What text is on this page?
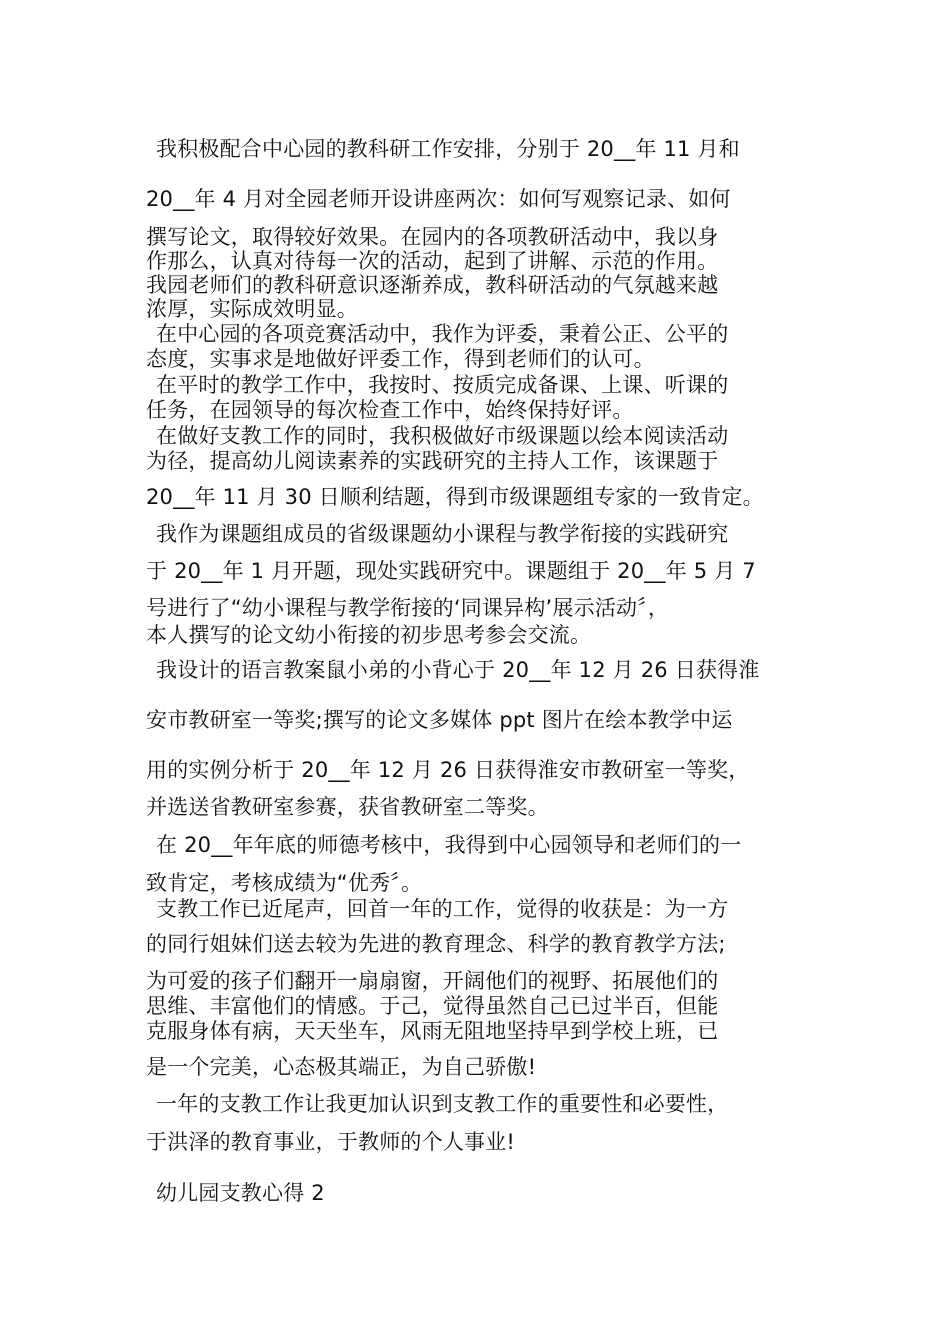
我积极配合中心园的教科研工作安排，分别于 20__年 11 月和
20__年 4 月对全园老师开设讲座两次：如何写观察记录、如何
撰写论文，取得较好效果。在园内的各项教研活动中，我以身
作那么，认真对待每一次的活动，起到了讲解、示范的作用。
我园老师们的教科研意识逐渐养成，教科研活动的气氛越来越
浓厚，实际成效明显。
在中心园的各项竞赛活动中，我作为评委，秉着公正、公平的
态度，实事求是地做好评委工作，得到老师们的认可。
在平时的教学工作中，我按时、按质完成备课、上课、听课的
任务，在园领导的每次检查工作中，始终保持好评。
在做好支教工作的同时，我积极做好市级课题以绘本阅读活动
为径，提高幼儿阅读素养的实践研究的主持人工作，该课题于
20__年 11 月 30 日顺利结题，得到市级课题组专家的一致肯定。
我作为课题组成员的省级课题幼小课程与教学衔接的实践研究
于 20__年 1 月开题，现处实践研究中。课题组于 20__年 5 月 7
号进行了“幼小课程与教学衔接的‘同课异构’展示活动〞，
本人撰写的论文幼小衔接的初步思考参会交流。
我设计的语言教案鼠小弟的小背心于 20__年 12 月 26 日获得淮
安市教研室一等奖;撰写的论文多媒体 ppt 图片在绘本教学中运
用的实例分析于 20__年 12 月 26 日获得淮安市教研室一等奖，
并选送省教研室参赛，获省教研室二等奖。
在 20__年年底的师德考核中，我得到中心园领导和老师们的一
致肯定，考核成绩为“优秀〞。
支教工作已近尾声，回首一年的工作，觉得的收获是：为一方
的同行姐妹们送去较为先进的教育理念、科学的教育教学方法;
为可爱的孩子们翻开一扇扇窗，开阔他们的视野、拓展他们的
思维、丰富他们的情感。于己，觉得虽然自己已过半百，但能
克服身体有病，天天坐车，风雨无阻地坚持早到学校上班，已
是一个完美，心态极其端正，为自己骄傲!
一年的支教工作让我更加认识到支教工作的重要性和必要性，
于洪泽的教育事业，于教师的个人事业!
幼儿园支教心得 2
